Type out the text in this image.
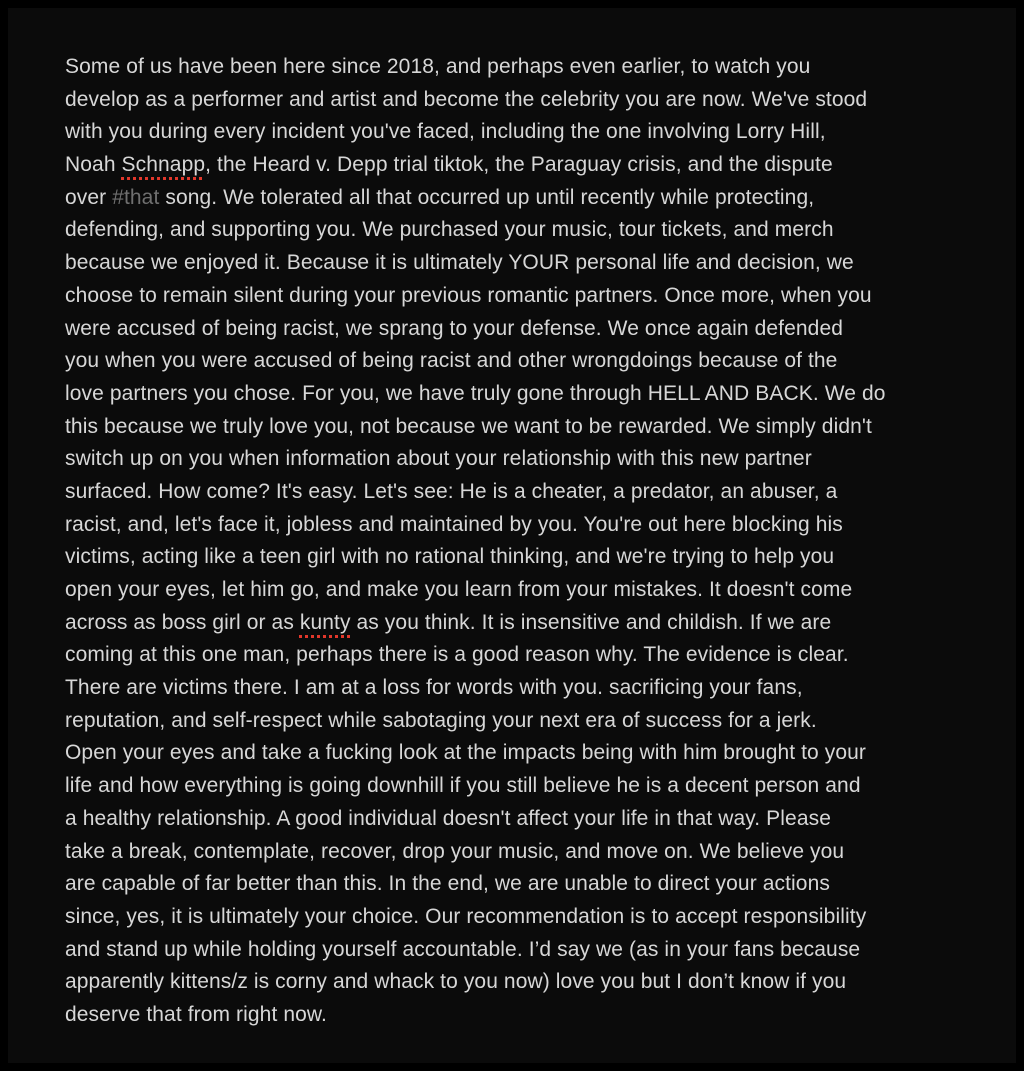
Some of us have been here since 2018, and perhaps even earlier, to watch you
develop as a performer and artist and become the celebrity you are now. We've stood
with you during every incident you've faced, including the one involving Lorry Hill,
Noah Schnapp, the Heard v. Depp trial tiktok, the Paraguay crisis, and the dispute
over #that song. We tolerated all that occurred up until recently while protecting,
defending, and supporting you. We purchased your music, tour tickets, and merch
because we enjoyed it. Because it is ultimately YOUR personal life and decision, we
choose to remain silent during your previous romantic partners. Once more, when you
were accused of being racist, we sprang to your defense. We once again defended
you when you were accused of being racist and other wrongdoings because of the
love partners you chose. For you, we have truly gone through HELL AND BACK. We do
this because we truly love you, not because we want to be rewarded. We simply didn't
switch up on you when information about your relationship with this new partner
surfaced. How come? It's easy. Let's see: He is a cheater, a predator, an abuser, a
racist, and, let's face it, jobless and maintained by you. You're out here blocking his
victims, acting like a teen girl with no rational thinking, and we're trying to help you
open your eyes, let him go, and make you learn from your mistakes. It doesn't come
across as boss girl or as kunty as you think. It is insensitive and childish. If we are
coming at this one man, perhaps there is a good reason why. The evidence is clear.
There are victims there. I am at a loss for words with you. sacrificing your fans,
reputation, and self-respect while sabotaging your next era of success for a jerk.
Open your eyes and take a fucking look at the impacts being with him brought to your
life and how everything is going downhill if you still believe he is a decent person and
a healthy relationship. A good individual doesn't affect your life in that way. Please
take a break, contemplate, recover, drop your music, and move on. We believe you
are capable of far better than this. In the end, we are unable to direct your actions
since, yes, it is ultimately your choice. Our recommendation is to accept responsibility
and stand up while holding yourself accountable. I’d say we (as in your fans because
apparently kittens/z is corny and whack to you now) love you but I don’t know if you
deserve that from right now.
